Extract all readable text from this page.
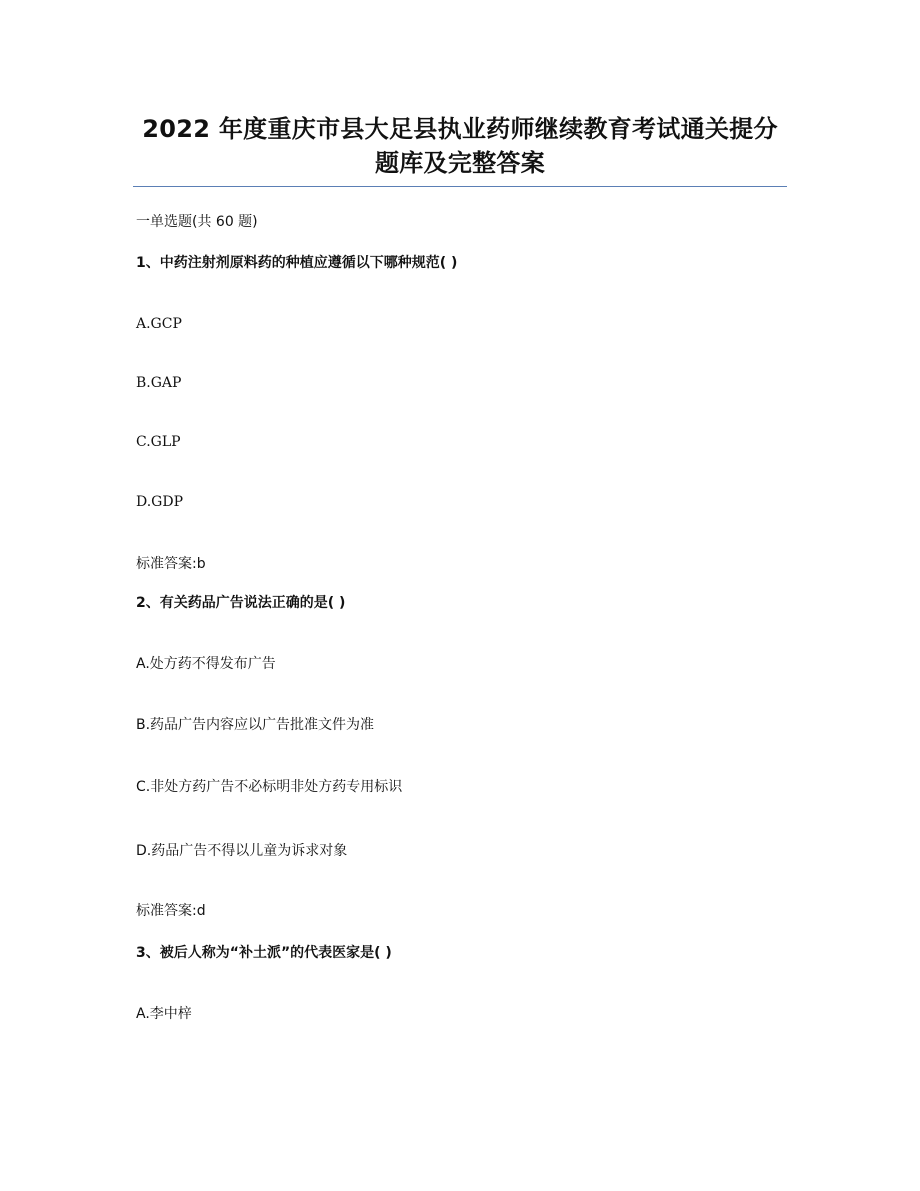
2022 年度重庆市县大足县执业药师继续教育考试通关提分
题库及完整答案
一单选题(共 60 题)
1、中药注射剂原料药的种植应遵循以下哪种规范( )
A.GCP
B.GAP
C.GLP
D.GDP
标准答案:b
2、有关药品广告说法正确的是( )
A.处方药不得发布广告
B.药品广告内容应以广告批准文件为准
C.非处方药广告不必标明非处方药专用标识
D.药品广告不得以儿童为诉求对象
标准答案:d
3、被后人称为“补土派”的代表医家是( )
A.李中梓
